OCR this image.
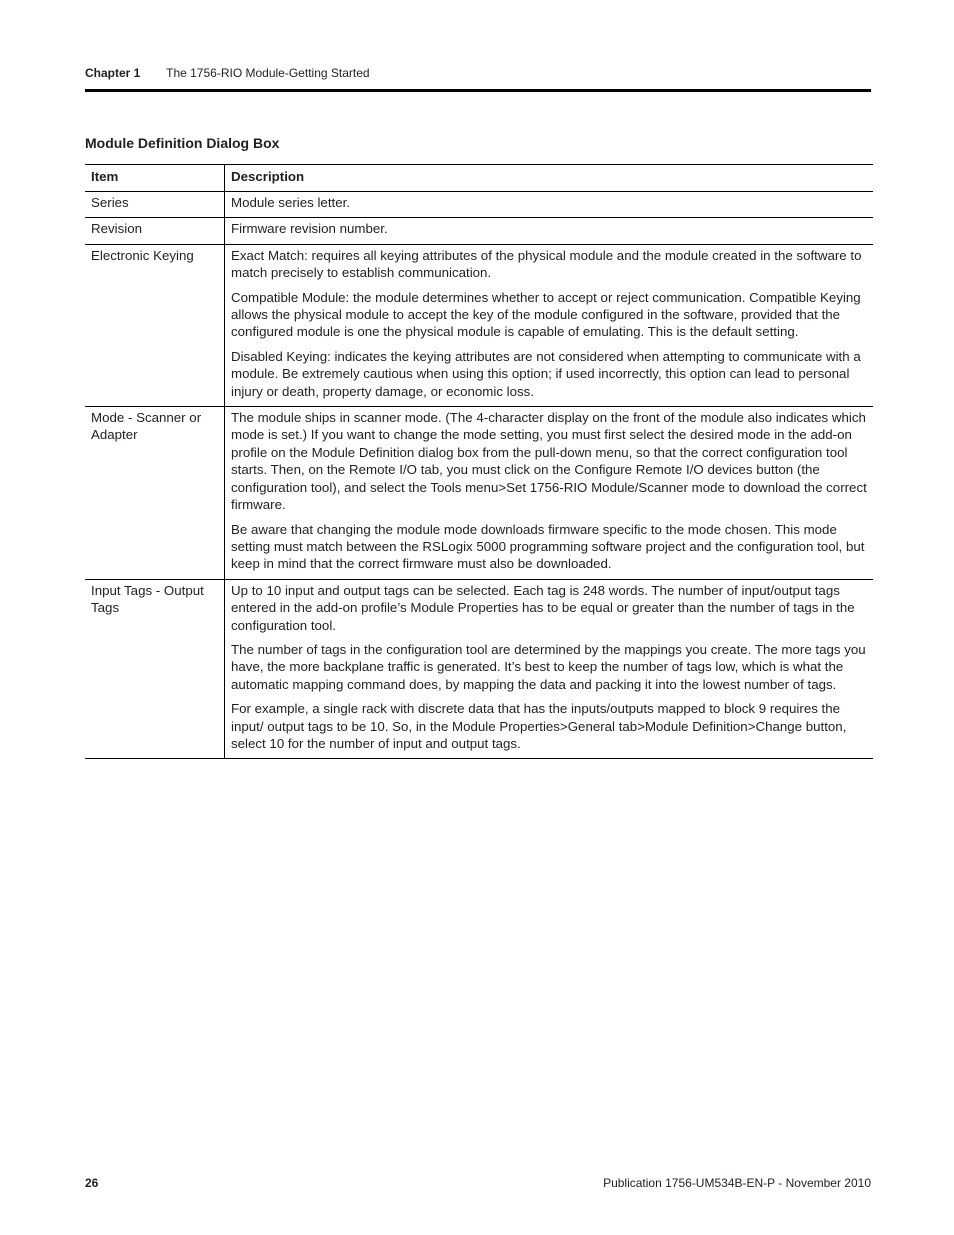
Chapter 1 The 1756-RIO Module-Getting Started
Module Definition Dialog Box
Item	Description
Series	Module series letter.

Revision	Firmware revision number.

Electronic Keying	Exact Match: requires all keying attributes of the physical module and the module created in the software to match precisely to establish communication.

Compatible Module: the module determines whether to accept or reject communication. Compatible Keying allows the physical module to accept the key of the module configured in the software, provided that the configured module is one the physical module is capable of emulating. This is the default setting.

Disabled Keying: indicates the keying attributes are not considered when attempting to communicate with a module. Be extremely cautious when using this option; if used incorrectly, this option can lead to personal injury or death, property damage, or economic loss.

Mode - Scanner or Adapter	The module ships in scanner mode. (The 4-character display on the front of the module also indicates which mode is set.) If you want to change the mode setting, you must first select the desired mode in the add-on profile on the Module Definition dialog box from the pull-down menu, so that the correct configuration tool starts. Then, on the Remote I/O tab, you must click on the Configure Remote I/O devices button (the configuration tool), and select the Tools menu>Set 1756-RIO Module/Scanner mode to download the correct firmware.

Be aware that changing the module mode downloads firmware specific to the mode chosen. This mode setting must match between the RSLogix 5000 programming software project and the configuration tool, but keep in mind that the correct firmware must also be downloaded.

Input Tags - Output Tags	Up to 10 input and output tags can be selected. Each tag is 248 words. The number of input/output tags entered in the add-on profile’s Module Properties has to be equal or greater than the number of tags in the configuration tool.

The number of tags in the configuration tool are determined by the mappings you create. The more tags you have, the more backplane traffic is generated. It’s best to keep the number of tags low, which is what the automatic mapping command does, by mapping the data and packing it into the lowest number of tags.

For example, a single rack with discrete data that has the inputs/outputs mapped to block 9 requires the input/ output tags to be 10. So, in the Module Properties>General tab>Module Definition>Change button, select 10 for the number of input and output tags.

26	Publication 1756-UM534B-EN-P - November 2010
